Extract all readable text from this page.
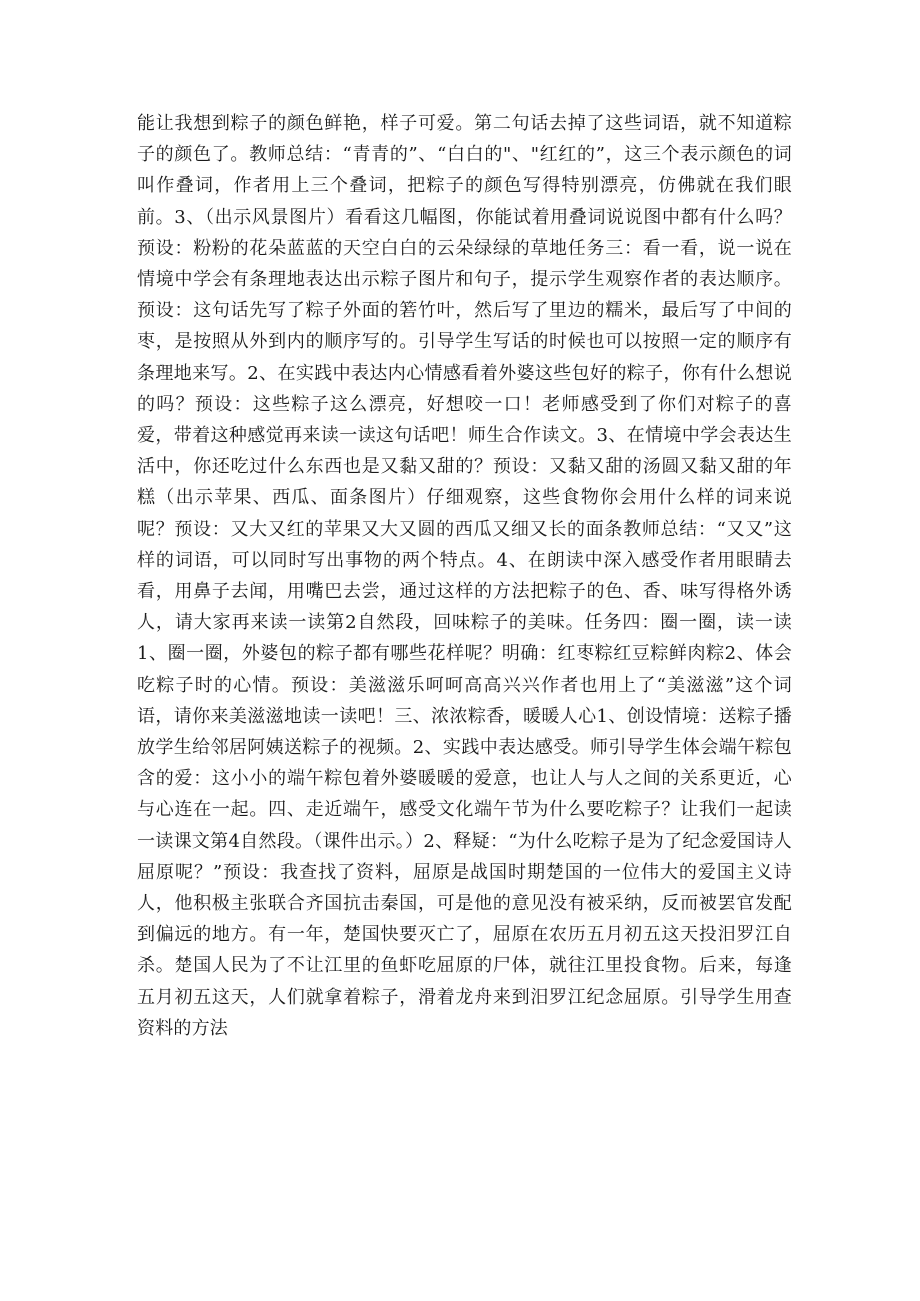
能让我想到粽子的颜色鲜艳，样子可爱。第二句话去掉了这些词语，就不知道粽子的颜色了。教师总结：“青青的”、“白白的"、"红红的”，这三个表示颜色的词叫作叠词，作者用上三个叠词，把粽子的颜色写得特别漂亮，仿佛就在我们眼前。3、（出示风景图片）看看这几幅图，你能试着用叠词说说图中都有什么吗？预设：粉粉的花朵蓝蓝的天空白白的云朵绿绿的草地任务三：看一看，说一说在情境中学会有条理地表达出示粽子图片和句子，提示学生观察作者的表达顺序。预设：这句话先写了粽子外面的箬竹叶，然后写了里边的糯米，最后写了中间的枣，是按照从外到内的顺序写的。引导学生写话的时候也可以按照一定的顺序有条理地来写。2、在实践中表达内心情感看着外婆这些包好的粽子，你有什么想说的吗？预设：这些粽子这么漂亮，好想咬一口！老师感受到了你们对粽子的喜爱，带着这种感觉再来读一读这句话吧！师生合作读文。3、在情境中学会表达生活中，你还吃过什么东西也是又黏又甜的？预设：又黏又甜的汤圆又黏又甜的年糕（出示苹果、西瓜、面条图片）仔细观察，这些食物你会用什么样的词来说呢？预设：又大又红的苹果又大又圆的西瓜又细又长的面条教师总结：“又又”这样的词语，可以同时写出事物的两个特点。4、在朗读中深入感受作者用眼睛去看，用鼻子去闻，用嘴巴去尝，通过这样的方法把粽子的色、香、味写得格外诱人，请大家再来读一读第2自然段，回味粽子的美味。任务四：圈一圈，读一读1、圈一圈，外婆包的粽子都有哪些花样呢？明确：红枣粽红豆粽鲜肉粽2、体会吃粽子时的心情。预设：美滋滋乐呵呵高高兴兴作者也用上了“美滋滋”这个词语，请你来美滋滋地读一读吧！三、浓浓粽香，暖暖人心1、创设情境：送粽子播放学生给邻居阿姨送粽子的视频。2、实践中表达感受。师引导学生体会端午粽包含的爱：这小小的端午粽包着外婆暖暖的爱意，也让人与人之间的关系更近，心与心连在一起。四、走近端午，感受文化端午节为什么要吃粽子？让我们一起读一读课文第4自然段。（课件出示。）2、释疑：“为什么吃粽子是为了纪念爱国诗人屈原呢？”预设：我查找了资料，屈原是战国时期楚国的一位伟大的爱国主义诗人，他积极主张联合齐国抗击秦国，可是他的意见没有被采纳，反而被罢官发配到偏远的地方。有一年，楚国快要灭亡了，屈原在农历五月初五这天投汨罗江自杀。楚国人民为了不让江里的鱼虾吃屈原的尸体，就往江里投食物。后来，每逢五月初五这天，人们就拿着粽子，滑着龙舟来到汨罗江纪念屈原。引导学生用查资料的方法
